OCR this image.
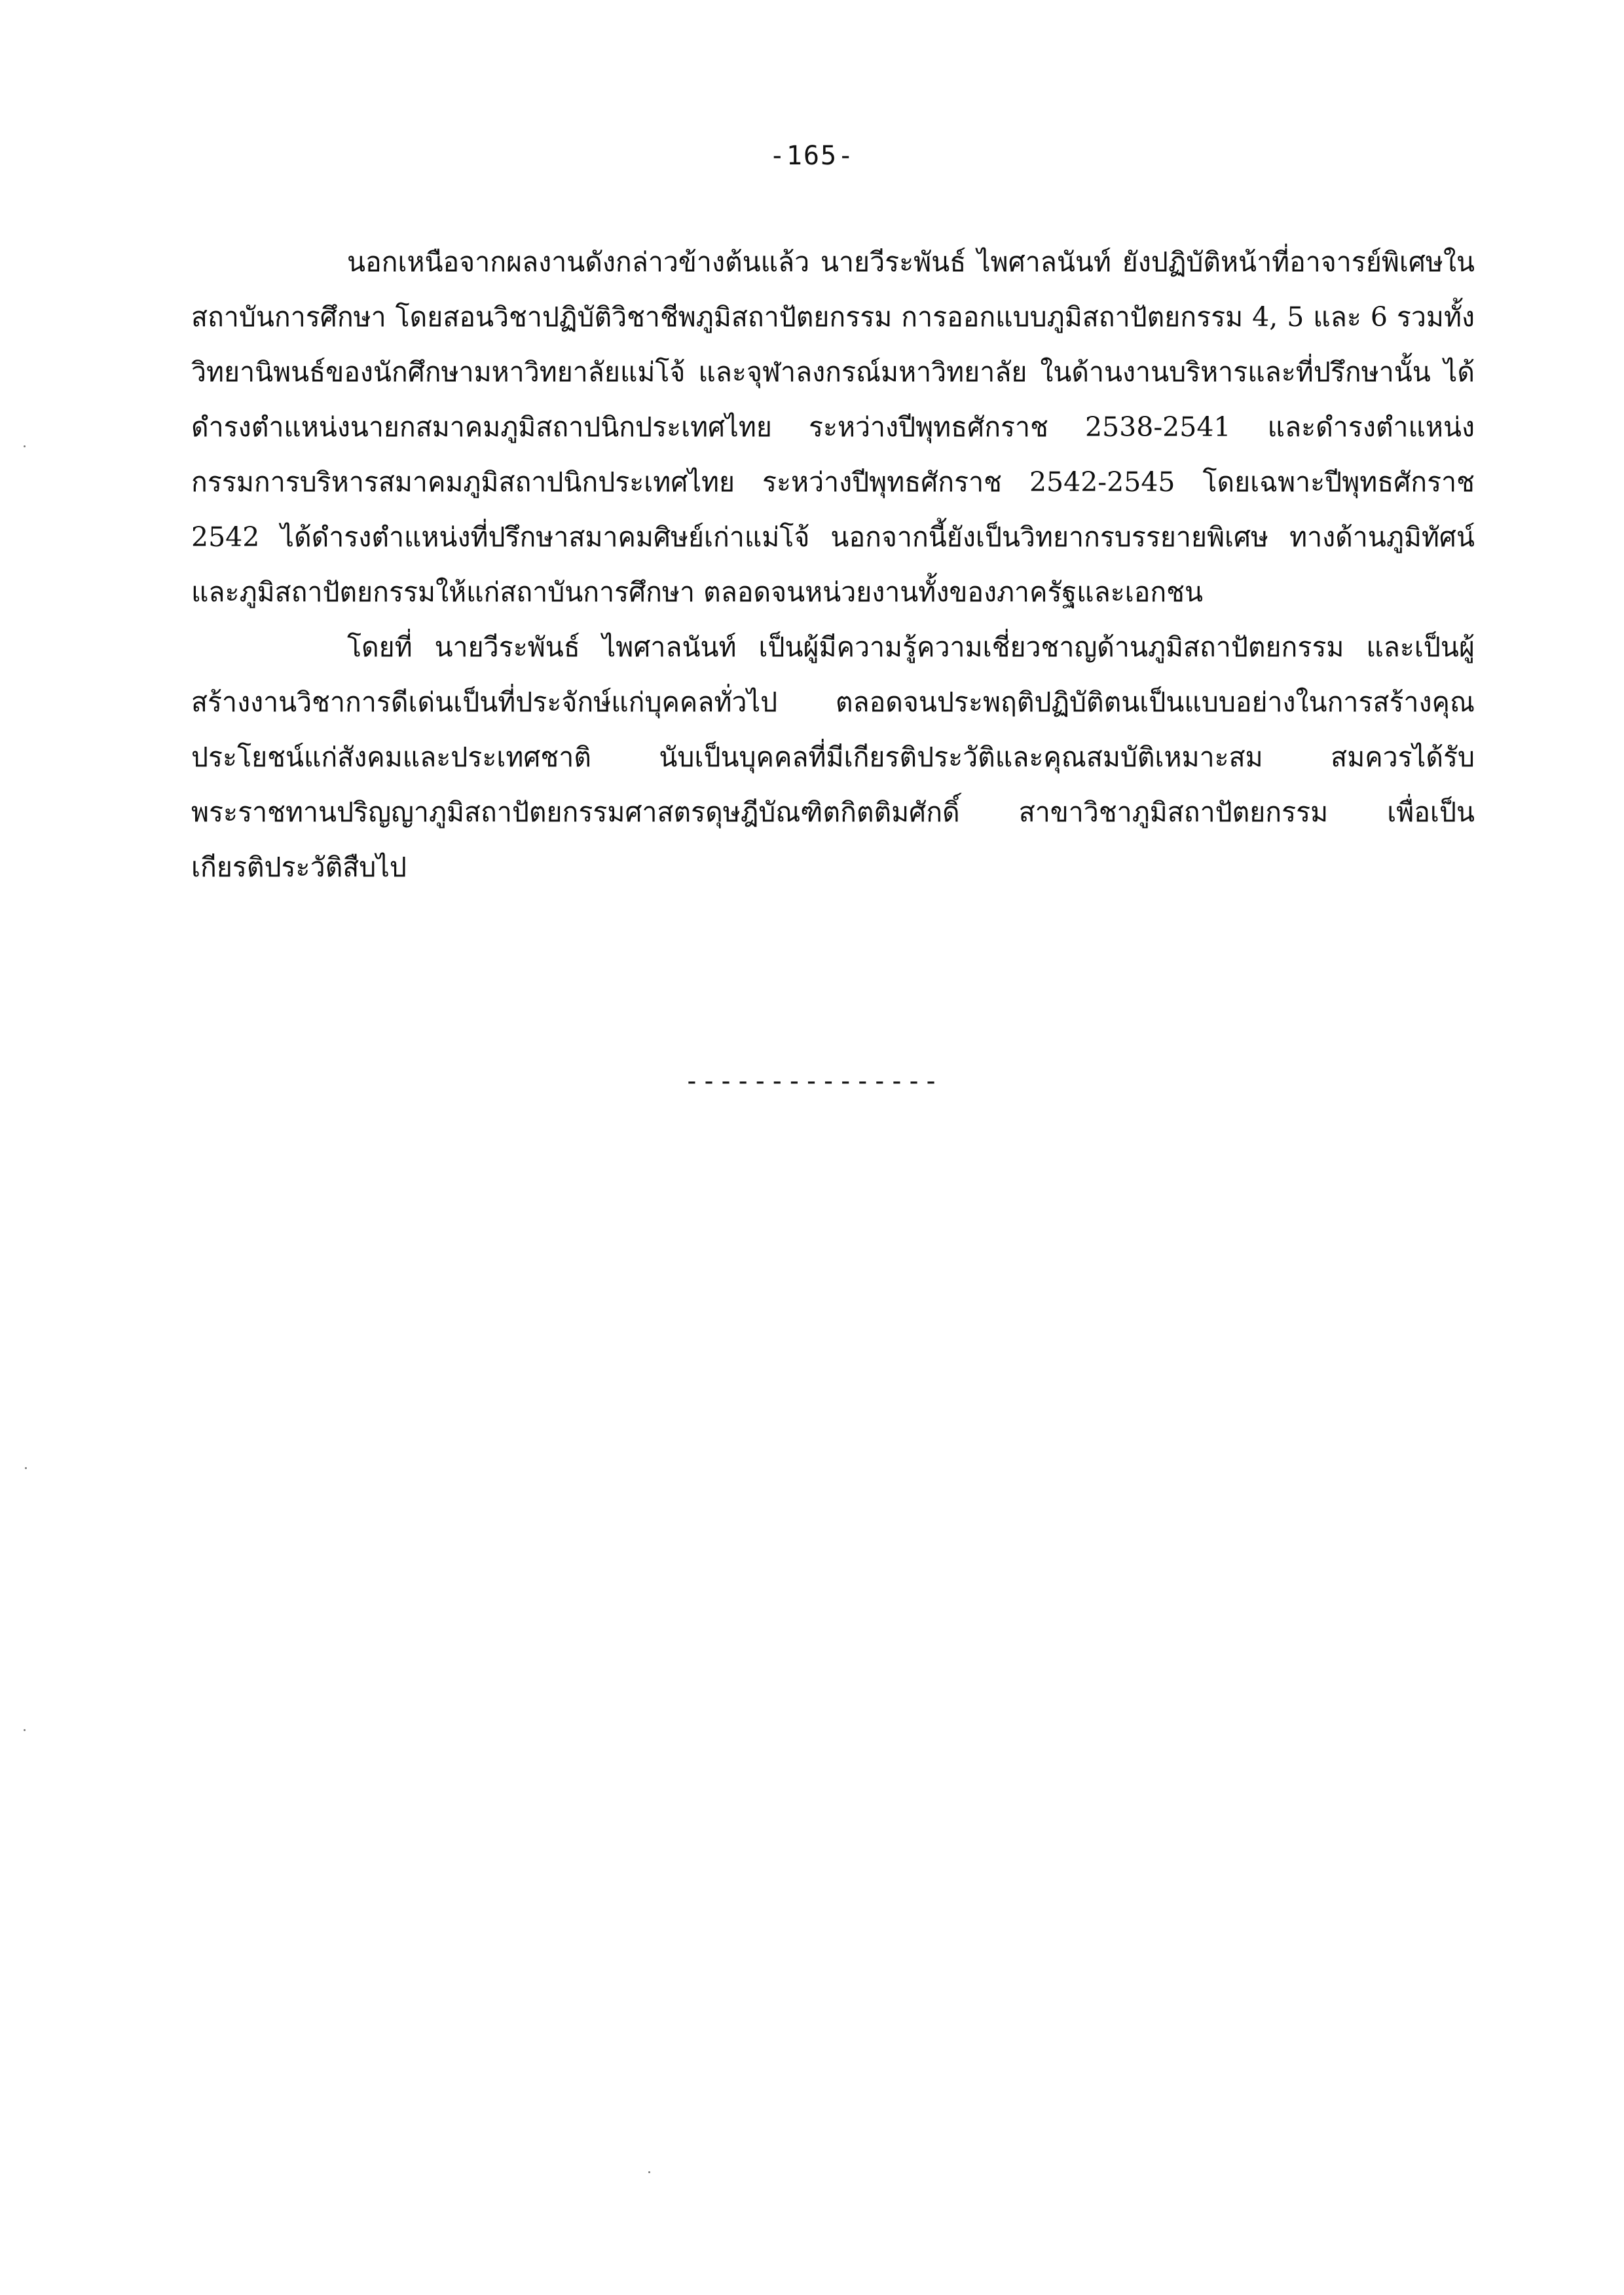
-165-

นอกเหนือจากผลงานดังกล่าวข้างต้นแล้ว นายวีระพันธ์ ไพศาลนันท์ ยังปฏิบัติหน้าที่อาจารย์พิเศษในสถาบันการศึกษา โดยสอนวิชาปฏิบัติวิชาชีพภูมิสถาปัตยกรรม การออกแบบภูมิสถาปัตยกรรม 4, 5 และ 6 รวมทั้งวิทยานิพนธ์ของนักศึกษามหาวิทยาลัยแม่โจ้ และจุฬาลงกรณ์มหาวิทยาลัย ในด้านงานบริหารและที่ปรึกษานั้น ได้ดำรงตำแหน่งนายกสมาคมภูมิสถาปนิกประเทศไทย ระหว่างปีพุทธศักราช 2538-2541 และดำรงตำแหน่งกรรมการบริหารสมาคมภูมิสถาปนิกประเทศไทย ระหว่างปีพุทธศักราช 2542-2545 โดยเฉพาะปีพุทธศักราช 2542 ได้ดำรงตำแหน่งที่ปรึกษาสมาคมศิษย์เก่าแม่โจ้ นอกจากนี้ยังเป็นวิทยากรบรรยายพิเศษ ทางด้านภูมิทัศน์และภูมิสถาปัตยกรรมให้แก่สถาบันการศึกษา ตลอดจนหน่วยงานทั้งของภาครัฐและเอกชน

โดยที่ นายวีระพันธ์ ไพศาลนันท์ เป็นผู้มีความรู้ความเชี่ยวชาญด้านภูมิสถาปัตยกรรม และเป็นผู้สร้างงานวิชาการดีเด่นเป็นที่ประจักษ์แก่บุคคลทั่วไป ตลอดจนประพฤติปฏิบัติตนเป็นแบบอย่างในการสร้างคุณประโยชน์แก่สังคมและประเทศชาติ นับเป็นบุคคลที่มีเกียรติประวัติและคุณสมบัติเหมาะสม สมควรได้รับพระราชทานปริญญาภูมิสถาปัตยกรรมศาสตรดุษฎีบัณฑิตกิตติมศักดิ์ สาขาวิชาภูมิสถาปัตยกรรม เพื่อเป็นเกียรติประวัติสืบไป

---------------
